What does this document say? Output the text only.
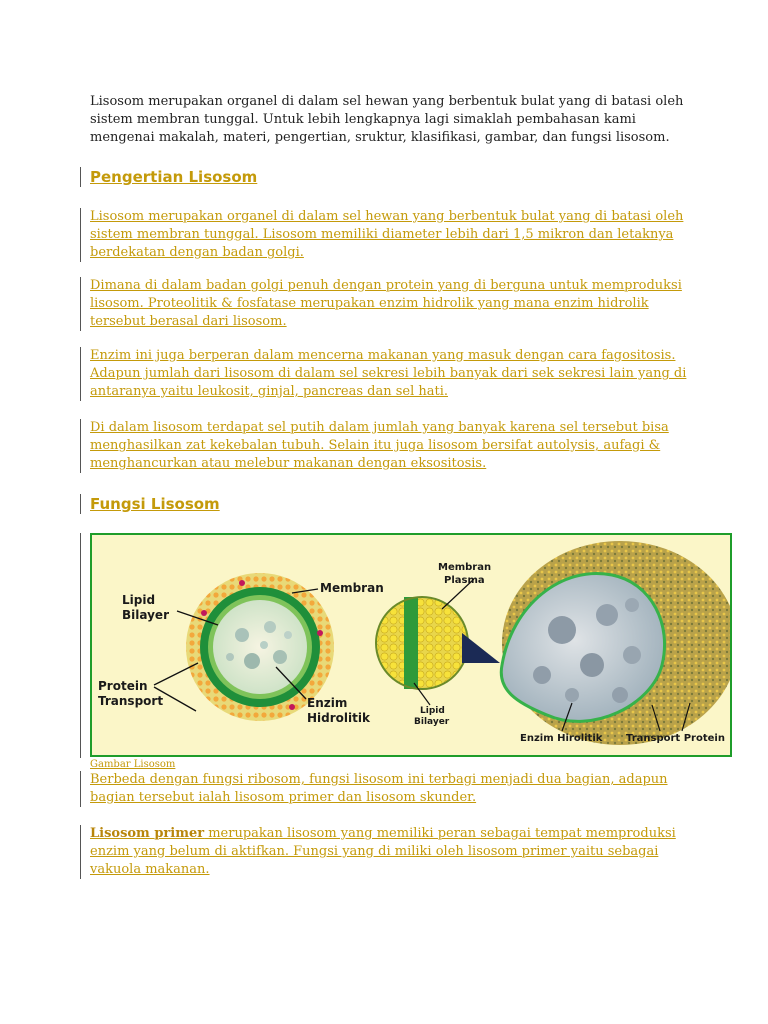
Lisosom merupakan organel di dalam sel hewan yang berbentuk bulat yang di batasi oleh sistem membran tunggal. Untuk lebih lengkapnya lagi simaklah pembahasan kami mengenai makalah, materi, pengertian, sruktur, klasifikasi, gambar, dan fungsi lisosom.
Pengertian Lisosom
Lisosom merupakan organel di dalam sel hewan yang berbentuk bulat yang di batasi oleh sistem membran tunggal. Lisosom memiliki diameter lebih dari 1,5 mikron dan letaknya berdekatan dengan badan golgi.
Dimana di dalam badan golgi penuh dengan protein yang di berguna untuk memproduksi lisosom. Proteolitik & fosfatase merupakan enzim hidrolik yang mana enzim hidrolik tersebut berasal dari lisosom.
Enzim ini juga berperan dalam mencerna makanan yang masuk dengan cara fagositosis. Adapun jumlah dari lisosom di dalam sel sekresi lebih banyak dari sek sekresi lain yang di antaranya yaitu leukosit, ginjal, pancreas dan sel hati.
Di dalam lisosom terdapat sel putih dalam jumlah yang banyak karena sel tersebut bisa menghasilkan zat kekebalan tubuh. Selain itu juga lisosom bersifat autolysis, aufagi & menghancurkan atau melebur makanan dengan eksositosis.
Fungsi Lisosom
Lipid
Bilayer
Membran
Protein
Transport	Enzim
Hidrolitik
Membran
Plasma
Lipid
Bilayer
Enzim Hirolitik Transport Protein
Gambar Lisosom
Berbeda dengan fungsi ribosom, fungsi lisosom ini terbagi menjadi dua bagian, adapun bagian tersebut ialah lisosom primer dan lisosom skunder.
Lisosom primer merupakan lisosom yang memiliki peran sebagai tempat memproduksi enzim yang belum di aktifkan. Fungsi yang di miliki oleh lisosom primer yaitu sebagai vakuola makanan.
